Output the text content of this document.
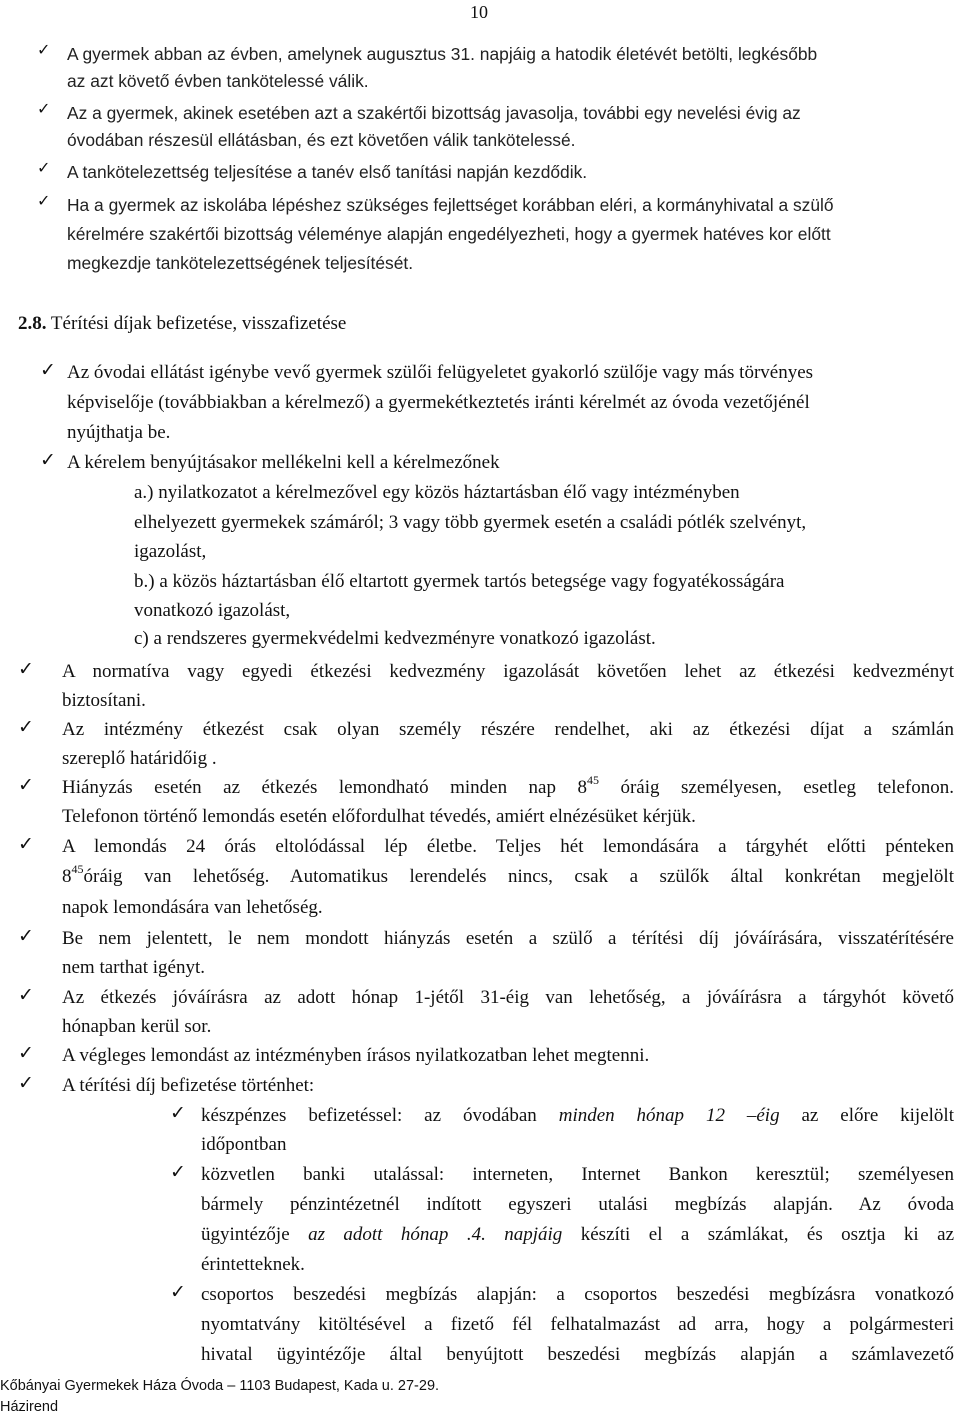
10
✓ A gyermek abban az évben, amelynek augusztus 31. napjáig a hatodik életévét betölti, legkésőbb
az azt követő évben tankötelessé válik.
✓ Az a gyermek, akinek esetében azt a szakértői bizottság javasolja, további egy nevelési évig az
óvodában részesül ellátásban, és ezt követően válik tankötelessé.
✓ A tankötelezettség teljesítése a tanév első tanítási napján kezdődik.
✓ Ha a gyermek az iskolába lépéshez szükséges fejlettséget korábban eléri, a kormányhivatal a szülő
kérelmére szakértői bizottság véleménye alapján engedélyezheti, hogy a gyermek hatéves kor előtt
megkezdje tankötelezettségének teljesítését.
2.8. Térítési díjak befizetése, visszafizetése
✓ Az óvodai ellátást igénybe vevő gyermek szülői felügyeletet gyakorló szülője vagy más törvényes
képviselője (továbbiakban a kérelmező) a gyermekétkeztetés iránti kérelmét az óvoda vezetőjénél
nyújthatja be.
✓ A kérelem benyújtásakor mellékelni kell a kérelmezőnek
a.) nyilatkozatot a kérelmezővel egy közös háztartásban élő vagy intézményben
elhelyezett gyermekek számáról; 3 vagy több gyermek esetén a családi pótlék szelvényt,
igazolást,
b.) a közös háztartásban élő eltartott gyermek tartós betegsége vagy fogyatékosságára
vonatkozó igazolást,
c) a rendszeres gyermekvédelmi kedvezményre vonatkozó igazolást.
✓ A normatíva vagy egyedi étkezési kedvezmény igazolását követően lehet az étkezési kedvezményt
biztosítani.
✓ Az intézmény étkezést csak olyan személy részére rendelhet, aki az étkezési díjat a számlán
szereplő határidőig .
✓ Hiányzás esetén az étkezés lemondható minden nap $8^{45}$ óráig személyesen, esetleg telefonon.
Telefonon történő lemondás esetén előfordulhat tévedés, amiért elnézésüket kérjük.
✓ A lemondás 24 órás eltolódással lép életbe. Teljes hét lemondására a tárgyhét előtti pénteken
$8^{45}óráig$ van lehetőség. Automatikus lerendelés nincs, csak a szülők által konkrétan megjelölt
napok lemondására van lehetőség.
✓ Be nem jelentett, le nem mondott hiányzás esetén a szülő a térítési díj jóváírására, visszatérítésére
nem tarthat igényt.
✓ Az étkezés jóváírásra az adott hónap 1-jétől 31-éig van lehetőség, a jóváírásra a tárgyhót követő
hónapban kerül sor.
✓ A végleges lemondást az intézményben írásos nyilatkozatban lehet megtenni.
✓ A térítési díj befizetése történhet:
✓ készpénzes befizetéssel: az óvodában minden hónap 12 –éig az előre kijelölt
időpontban
✓ közvetlen banki utalással: interneten, Internet Bankon keresztül; személyesen
bármely pénzintézetnél indított egyszeri utalási megbízás alapján. Az óvoda
ügyintézője az adott hónap .4. napjáig készíti el a számlákat, és osztja ki az
érintetteknek.
✓ csoportos beszedési megbízás alapján: a csoportos beszedési megbízásra vonatkozó
nyomtatvány kitöltésével a fizető fél felhatalmazást ad arra, hogy a polgármesteri
hivatal ügyintézője által benyújtott beszedési megbízás alapján a számlavezető
Kőbányai Gyermekek Háza Óvoda – 1103 Budapest, Kada u. 27-29.
Házirend
